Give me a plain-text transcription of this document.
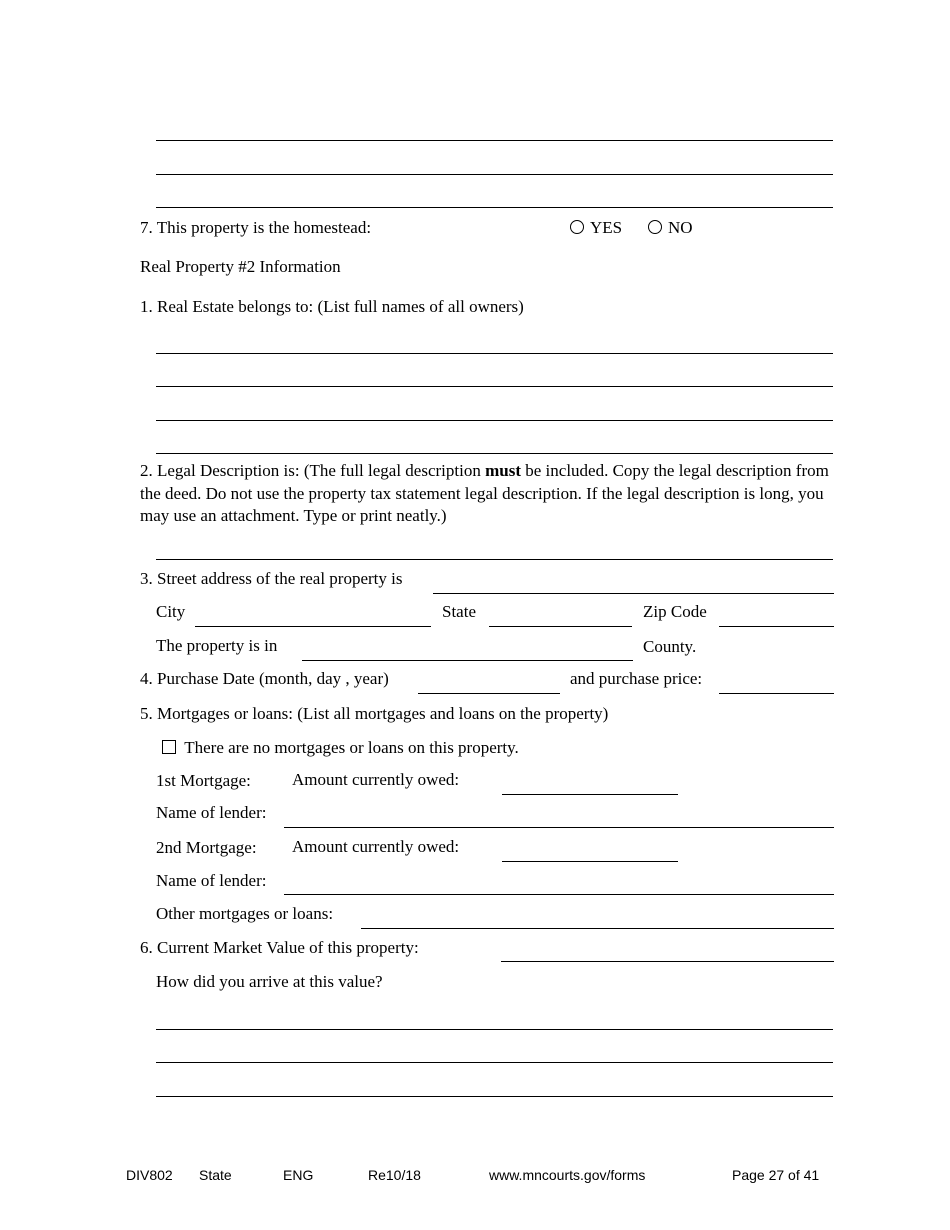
7. This property is the homestead:	YES	NO
Real Property #2 Information
1. Real Estate belongs to: (List full names of all owners)
2. Legal Description is: (The full legal description must be included. Copy the legal description from the deed. Do not use the property tax statement legal description. If the legal description is long, you may use an attachment. Type or print neatly.)
3. Street address of the real property is
City	State	Zip Code
The property is in	County.
4. Purchase Date (month, day , year)	and purchase price:
5. Mortgages or loans: (List all mortgages and loans on the property)
There are no mortgages or loans on this property.
1st Mortgage: Amount currently owed:
Name of lender:
2nd Mortgage: Amount currently owed:
Name of lender:
Other mortgages or loans:
6. Current Market Value of this property:
How did you arrive at this value?
DIV802 State	ENG	Re10/18	www.mncourts.gov/forms	Page 27 of 41
